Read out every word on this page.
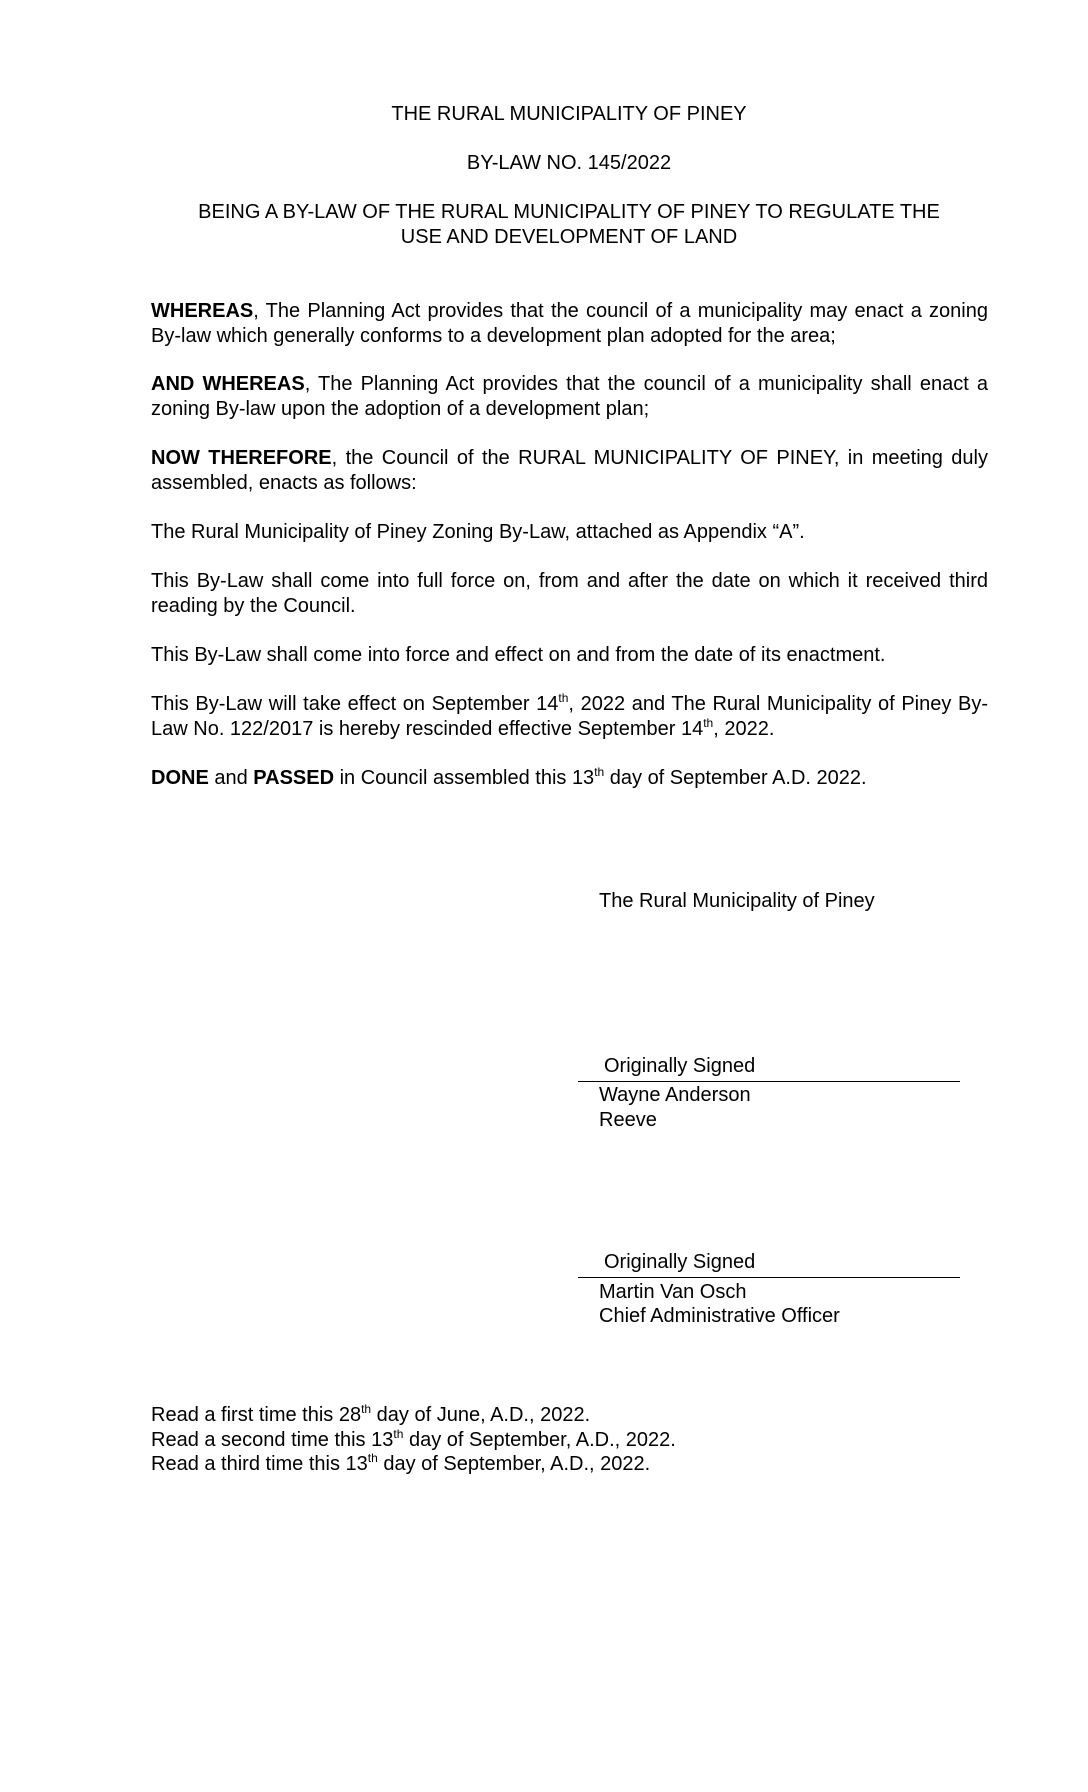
THE RURAL MUNICIPALITY OF PINEY

BY-LAW NO. 145/2022

BEING A BY-LAW OF THE RURAL MUNICIPALITY OF PINEY TO REGULATE THE
USE AND DEVELOPMENT OF LAND

WHEREAS, The Planning Act provides that the council of a municipality may enact a zoning By-law which generally conforms to a development plan adopted for the area;

AND WHEREAS, The Planning Act provides that the council of a municipality shall enact a zoning By-law upon the adoption of a development plan;

NOW THEREFORE, the Council of the RURAL MUNICIPALITY OF PINEY, in meeting duly assembled, enacts as follows:

The Rural Municipality of Piney Zoning By-Law, attached as Appendix “A”.

This By-Law shall come into full force on, from and after the date on which it received third reading by the Council.

This By-Law shall come into force and effect on and from the date of its enactment.

This By-Law will take effect on September 14th, 2022 and The Rural Municipality of Piney By-Law No. 122/2017 is hereby rescinded effective September 14th, 2022.

DONE and PASSED in Council assembled this 13th day of September A.D. 2022.

The Rural Municipality of Piney

Originally Signed

Wayne Anderson

Reeve

Originally Signed

Martin Van Osch

Chief Administrative Officer

Read a first time this 28th day of June, A.D., 2022.

Read a second time this 13th day of September, A.D., 2022.

Read a third time this 13th day of September, A.D., 2022.
